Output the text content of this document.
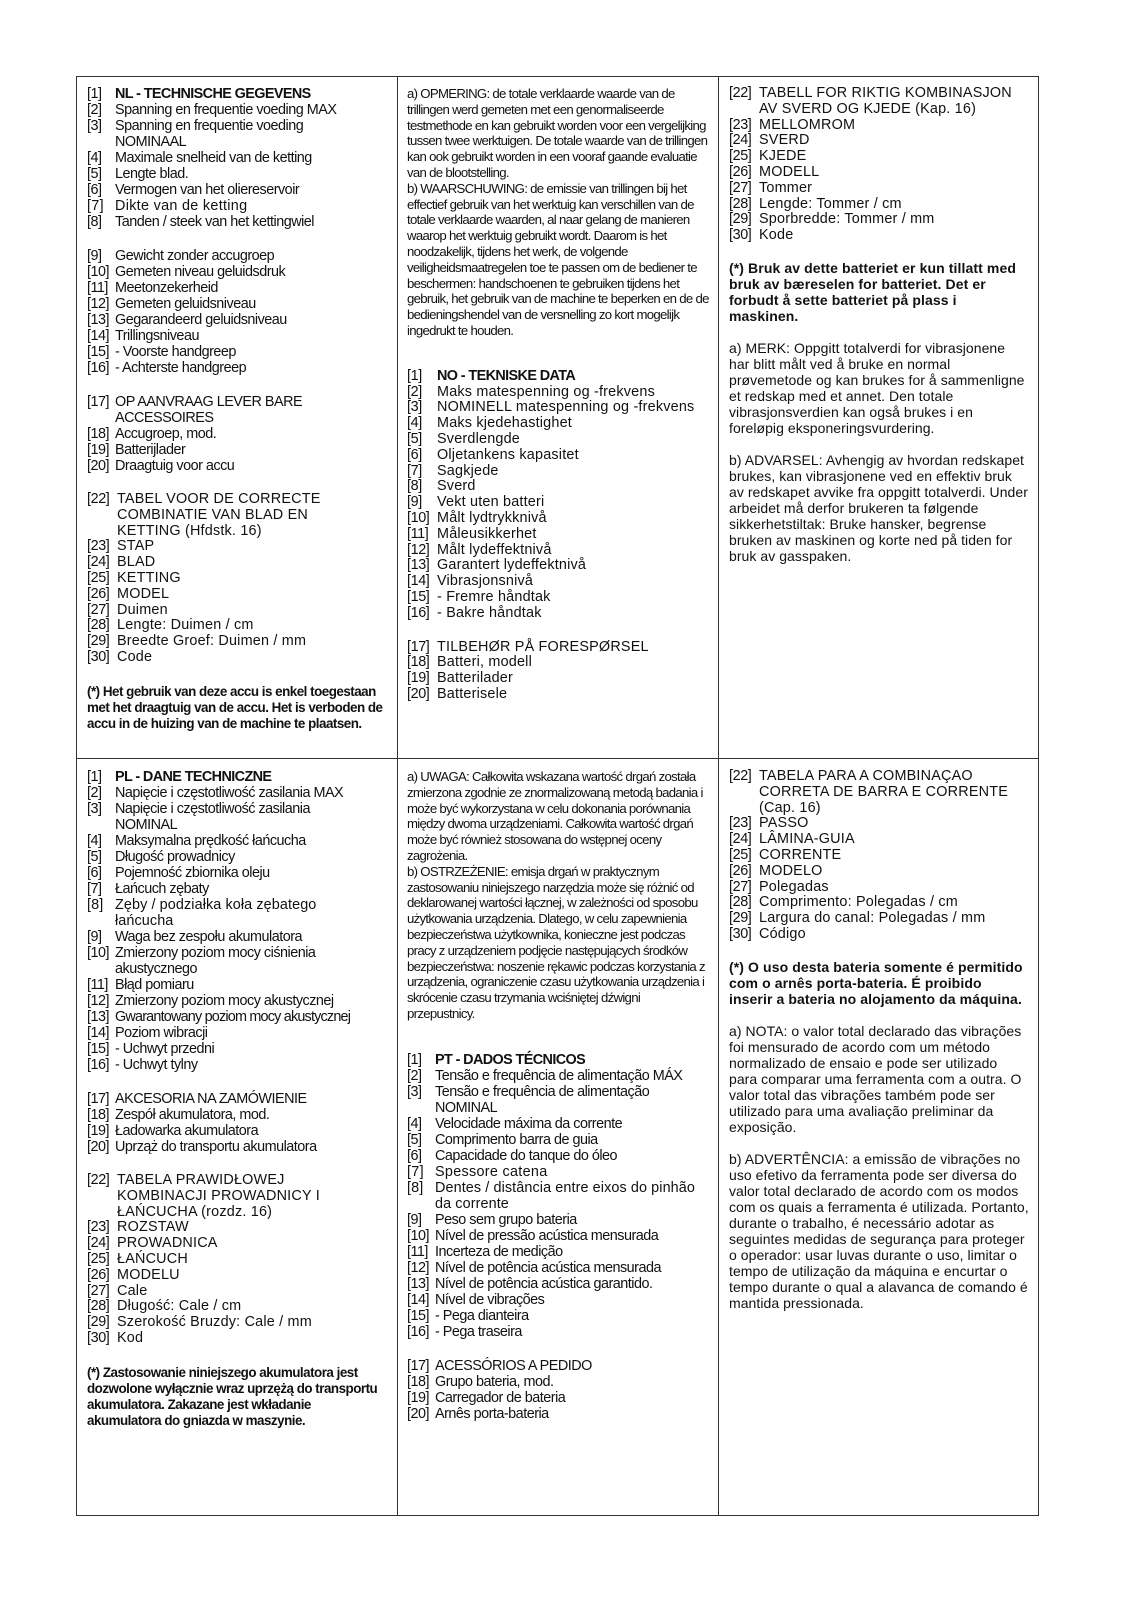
[1] NL - TECHNISCHE GEGEVENS
[2] Spanning en frequentie voeding MAX
[3] Spanning en frequentie voeding NOMINAAL
[4] Maximale snelheid van de ketting
[5] Lengte blad.
[6] Vermogen van het oliereservoir
[7] Dikte van de ketting
[8] Tanden / steek van het kettingwiel
[9] Gewicht zonder accugroep
[10] Gemeten niveau geluidsdruk
[11] Meetonzekerheid
[12] Gemeten geluidsniveau
[13] Gegarandeerd geluidsniveau
[14] Trillingsniveau
[15] - Voorste handgreep
[16] - Achterste handgreep
[17] OP AANVRAAG LEVER BARE ACCESSOIRES
[18] Accugroep, mod.
[19] Batterijlader
[20] Draagtuig voor accu
[22] TABEL VOOR DE CORRECTE COMBINATIE VAN BLAD EN KETTING (Hfdstk. 16)
[23] STAP
[24] BLAD
[25] KETTING
[26] MODEL
[27] Duimen
[28] Lengte: Duimen / cm
[29] Breedte Groef: Duimen / mm
[30] Code

(*) Het gebruik van deze accu is enkel toegestaan met het draagtuig van de accu. Het is verboden de accu in de huizing van de machine te plaatsen.

a) OPMERING: de totale verklaarde waarde van de trillingen werd gemeten met een genormaliseerde testmethode en kan gebruikt worden voor een vergelijking tussen twee werktuigen. De totale waarde van de trillingen kan ook gebruikt worden in een vooraf gaande evaluatie van de blootstelling.

b) WAARSCHUWING: de emissie van trillingen bij het effectief gebruik van het werktuig kan verschillen van de totale verklaarde waarden, al naar gelang de manieren waarop het werktuig gebruikt wordt. Daarom is het noodzakelijk, tijdens het werk, de volgende veiligheidsmaatregelen toe te passen om de bediener te beschermen: handschoenen te gebruiken tijdens het gebruik, het gebruik van de machine te beperken en de de bedieningshendel van de versnelling zo kort mogelijk ingedrukt te houden.

[1]	NO - TEKNISKE DATA
[2]	Maks matespenning og -frekvens
[3]	NOMINELL matespenning og -frekvens
[4]	Maks kjedehastighet
[5]	Sverdlengde
[6]	Oljetankens kapasitet
[7]	Sagkjede
[8]	Sverd
[9]	Vekt uten batteri
[10] Målt lydtrykknivå
[11] Måleusikkerhet
[12] Målt lydeffektnivå
[13] Garantert lydeffektnivå
[14] Vibrasjonsnivå
[15] - Fremre håndtak
[16] - Bakre håndtak
[17] TILBEHØR PÅ FORESPØRSEL
[18] Batteri, modell
[19] Batterilader
[20] Batterisele
[22] TABELL FOR RIKTIG KOMBINASJON AV SVERD OG KJEDE (Kap. 16)
[23] MELLOMROM
[24] SVERD
[25] KJEDE
[26] MODELL
[27] Tommer
[28] Lengde: Tommer / cm
[29] Sporbredde: Tommer / mm
[30] Kode

(*) Bruk av dette batteriet er kun tillatt med bruk av bæreselen for batteriet. Det er forbudt å sette batteriet på plass i maskinen.

a) MERK: Oppgitt totalverdi for vibrasjonene har blitt målt ved å bruke en normal prøvemetode og kan brukes for å sammenligne et redskap med et annet. Den totale vibrasjonsverdien kan også brukes i en foreløpig eksponeringsvurdering.

b) ADVARSEL: Avhengig av hvordan redskapet brukes, kan vibrasjonene ved en effektiv bruk av redskapet avvike fra oppgitt totalverdi. Under arbeidet må derfor brukeren ta følgende sikkerhetstiltak: Bruke hansker, begrense bruken av maskinen og korte ned på tiden for bruk av gasspaken.

[1] PL - DANE TECHNICZNE
[2] Napięcie i częstotliwość zasilania MAX
[3] Napięcie i częstotliwość zasilania NOMINAL
[4] Maksymalna prędkość łańcucha
[5] Długość prowadnicy
[6] Pojemność zbiornika oleju
[7] Łańcuch zębaty
[8] Zęby / podziałka koła zębatego łańcucha
[9] Waga bez zespołu akumulatora
[10] Zmierzony poziom mocy ciśnienia akustycznego
[11] Błąd pomiaru
[12] Zmierzony poziom mocy akustycznej
[13] Gwarantowany poziom mocy akustycznej
[14] Poziom wibracji
[15] - Uchwyt przedni
[16] - Uchwyt tylny
[17] AKCESORIA NA ZAMÓWIENIE
[18] Zespół akumulatora, mod.
[19] Ładowarka akumulatora
[20] Uprząż do transportu akumulatora
[22] TABELA PRAWIDŁOWEJ KOMBINACJI PROWADNICY I ŁAŃCUCHA (rozdz. 16)
[23] ROZSTAW
[24] PROWADNICA
[25] ŁAŃCUCH
[26] MODELU
[27] Cale
[28] Długość: Cale / cm
[29] Szerokość Bruzdy: Cale / mm
[30] Kod

(*) Zastosowanie niniejszego akumulatora jest dozwolone wyłącznie wraz uprzężą do transportu akumulatora. Zakazane jest wkładanie akumulatora do gniazda w maszynie.

a) UWAGA: Całkowita wskazana wartość drgań została zmierzona zgodnie ze znormalizowaną metodą badania i może być wykorzystana w celu dokonania porównania między dwoma urządzeniami. Całkowita wartość drgań może być również stosowana do wstępnej oceny zagrożenia.

b) OSTRZEŻENIE: emisja drgań w praktycznym zastosowaniu niniejszego narzędzia może się różnić od deklarowanej wartości łącznej, w zależności od sposobu użytkowania urządzenia. Dlatego, w celu zapewnienia bezpieczeństwa użytkownika, konieczne jest podczas pracy z urządzeniem podjęcie następujących środków bezpieczeństwa: noszenie rękawic podczas korzystania z urządzenia, ograniczenie czasu użytkowania urządzenia i skrócenie czasu trzymania wciśniętej dźwigni przepustnicy.

[1] PT - DADOS TÉCNICOS
[2] Tensão e frequência de alimentação MÁX
[3] Tensão e frequência de alimentação NOMINAL
[4] Velocidade máxima da corrente
[5] Comprimento barra de guia
[6] Capacidade do tanque do óleo
[7] Spessore catena
[8] Dentes / distância entre eixos do pinhão da corrente
[9] Peso sem grupo bateria
[10] Nível de pressão acústica mensurada
[11] Incerteza de medição
[12] Nível de potência acústica mensurada
[13] Nível de potência acústica garantido.
[14] Nível de vibrações
[15] - Pega dianteira
[16] - Pega traseira
[17] ACESSÓRIOS A PEDIDO
[18] Grupo bateria, mod.
[19] Carregador de bateria
[20] Arnês porta-bateria
[22] TABELA PARA A COMBINAÇÃO CORRETA DE BARRA E CORRENTE (Cap. 16)
[23] PASSO
[24] LÂMINA-GUIA
[25] CORRENTE
[26] MODELO
[27] Polegadas
[28] Comprimento: Polegadas / cm
[29] Largura do canal: Polegadas / mm
[30] Código

(*) O uso desta bateria somente é permitido com o arnês porta-bateria. É proibido inserir a bateria no alojamento da máquina.

a) NOTA: o valor total declarado das vibrações foi mensurado de acordo com um método normalizado de ensaio e pode ser utilizado para comparar uma ferramenta com a outra. O valor total das vibrações também pode ser utilizado para uma avaliação preliminar da exposição.

b) ADVERTÊNCIA: a emissão de vibrações no uso efetivo da ferramenta pode ser diversa do valor total declarado de acordo com os modos com os quais a ferramenta é utilizada. Portanto, durante o trabalho, é necessário adotar as seguintes medidas de segurança para proteger o operador: usar luvas durante o uso, limitar o tempo de utilização da máquina e encurtar o tempo durante o qual a alavanca de comando é mantida pressionada.
